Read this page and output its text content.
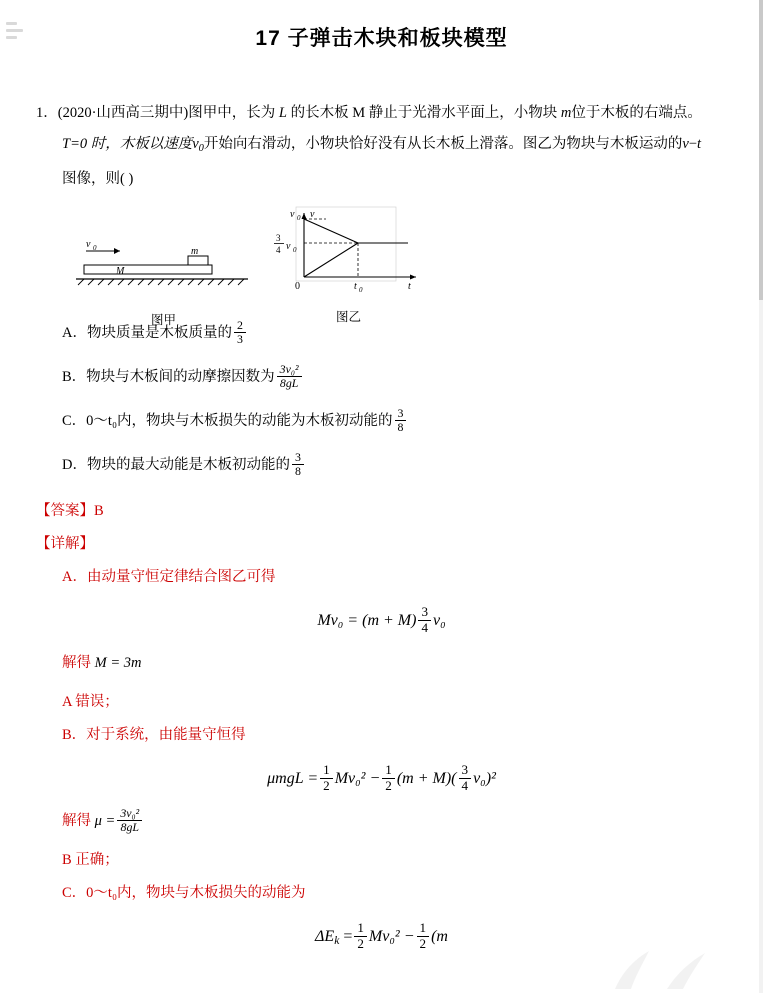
17 子弹击木块和板块模型
1．(2020·山西高三期中)图甲中，长为 L 的长木板 M 静止于光滑水平面上，小物块 m位于木板的右端点。
T=0 时，木板以速度$v_0$开始向右滑动，小物块恰好没有从长木板上滑落。图乙为物块与木板运动的v−t
图像，则( )
v 0
M
m
图甲
v 0 v
3
4 v 0
0	t 0	t
图乙
A．物块质量是木板质量的 $\frac{2}{3}$
B．物块与木板间的动摩擦因数为 $\frac{\text{3v₀²}}{8gL}$
C．0～t₀内，物块与木板损失的动能为木板初动能的 $\frac{3}{8}$
D．物块的最大动能是木板初动能的 $\frac{3}{8}$
【答案】B
【详解】
A．由动量守恒定律结合图乙可得
$Mv_0 = (m + M) \frac{3}{4} v_0$
解得 M = 3m
A 错误；
B．对于系统，由能量守恒得
$\mu mgL = \frac{1}{2} Mv_0^2 - \frac{1}{2} (m + M)( \frac{3}{4} v_0)^2$
解得 $\mu = \frac{\text{3v₀²}}{8gL}$
B 正确；
C．0～t₀内，物块与木板损失的动能为
$\Delta E_k = \frac{1}{2} Mv_0^2 - \frac{1}{2} (m$
